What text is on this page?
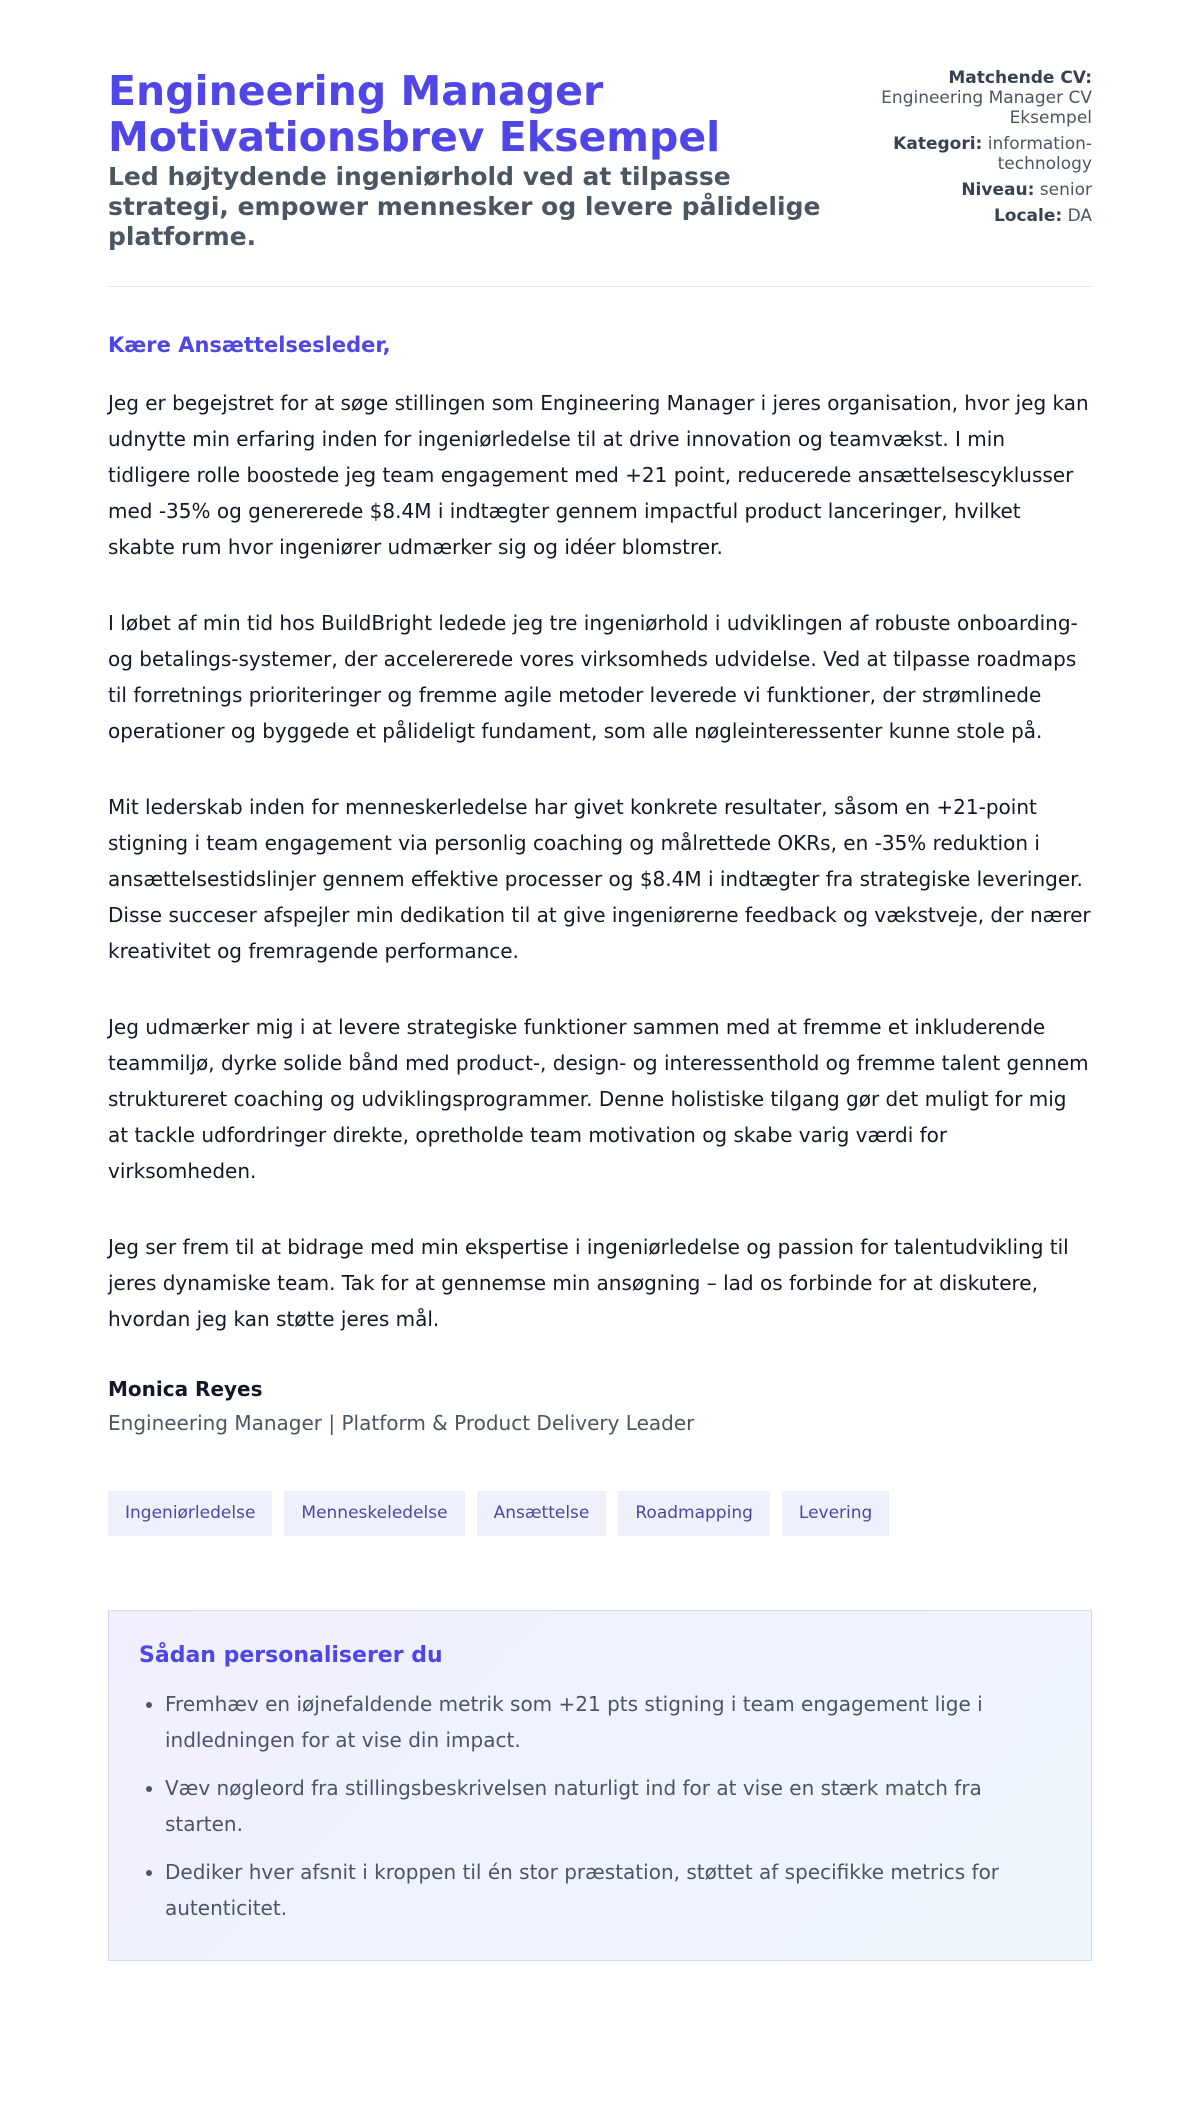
Engineering Manager Motivationsbrev Eksempel
Led højtydende ingeniørhold ved at tilpasse strategi, empower mennesker og levere pålidelige platforme.
Matchende CV:
Engineering Manager CV Eksempel
Kategori: information-technology
Niveau: senior
Locale: DA
Kære Ansættelsesleder,

Jeg er begejstret for at søge stillingen som Engineering Manager i jeres organisation, hvor jeg kan udnytte min erfaring inden for ingeniørledelse til at drive innovation og teamvækst. I min tidligere rolle boostede jeg team engagement med +21 point, reducerede ansættelsescyklusser med -35% og genererede $8.4M i indtægter gennem impactful product lanceringer, hvilket skabte rum hvor ingeniører udmærker sig og idéer blomstrer.

I løbet af min tid hos BuildBright ledede jeg tre ingeniørhold i udviklingen af robuste onboarding- og betalings-systemer, der accelererede vores virksomheds udvidelse. Ved at tilpasse roadmaps til forretnings prioriteringer og fremme agile metoder leverede vi funktioner, der strømlinede operationer og byggede et pålideligt fundament, som alle nøgleinteressenter kunne stole på.

Mit lederskab inden for menneskerledelse har givet konkrete resultater, såsom en +21-point stigning i team engagement via personlig coaching og målrettede OKRs, en -35% reduktion i ansættelsestidslinjer gennem effektive processer og $8.4M i indtægter fra strategiske leveringer. Disse succeser afspejler min dedikation til at give ingeniørerne feedback og vækstveje, der nærer kreativitet og fremragende performance.

Jeg udmærker mig i at levere strategiske funktioner sammen med at fremme et inkluderende teammiljø, dyrke solide bånd med product-, design- og interessenthold og fremme talent gennem struktureret coaching og udviklingsprogrammer. Denne holistiske tilgang gør det muligt for mig at tackle udfordringer direkte, opretholde team motivation og skabe varig værdi for virksomheden.

Jeg ser frem til at bidrage med min ekspertise i ingeniørledelse og passion for talentudvikling til jeres dynamiske team. Tak for at gennemse min ansøgning – lad os forbinde for at diskutere, hvordan jeg kan støtte jeres mål.

Monica Reyes
Engineering Manager | Platform & Product Delivery Leader
Ingeniørledelse	Menneskeledelse	Ansættelse	Roadmapping	Levering
Sådan personaliserer du
• Fremhæv en iøjnefaldende metrik som +21 pts stigning i team engagement lige i indledningen for at vise din impact.
• Væv nøgleord fra stillingsbeskrivelsen naturligt ind for at vise en stærk match fra starten.
• Dediker hver afsnit i kroppen til én stor præstation, støttet af specifikke metrics for autenticitet.
